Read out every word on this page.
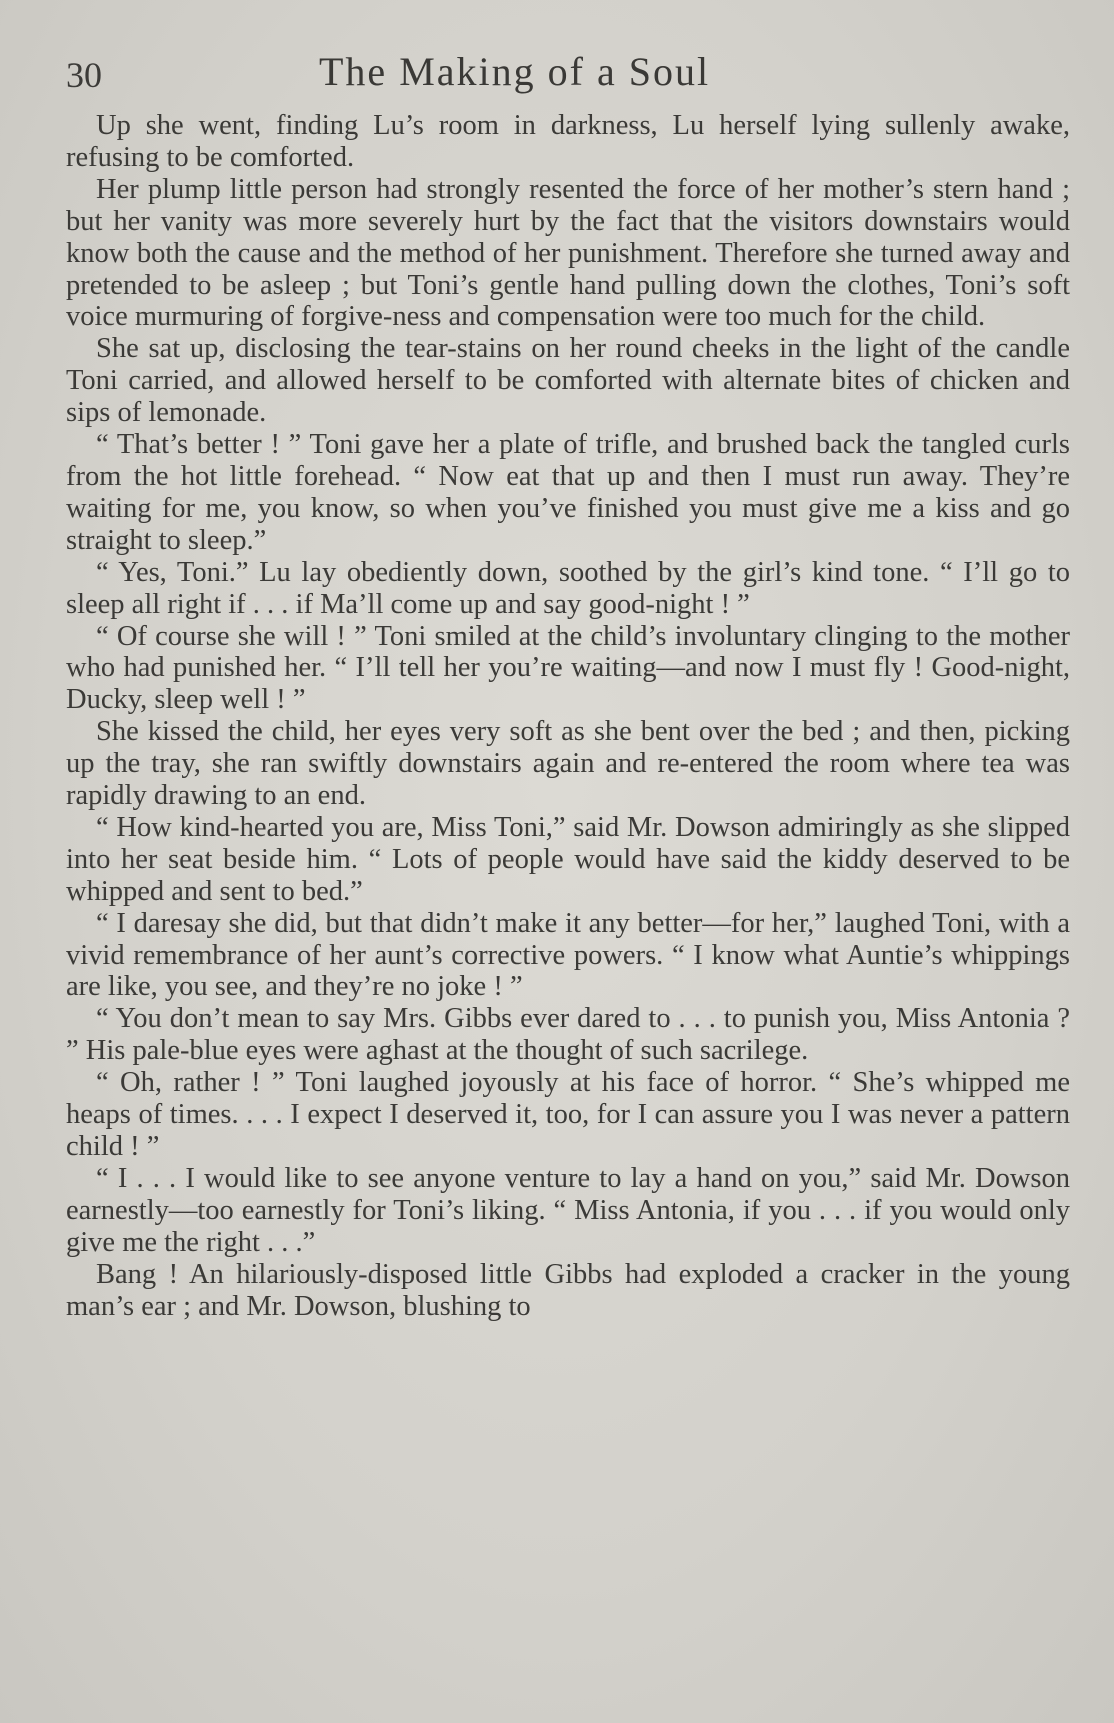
30	The Making of a Soul

Up she went, finding Lu’s room in darkness, Lu herself lying sullenly awake, refusing to be comforted.

Her plump little person had strongly resented the force of her mother’s stern hand ; but her vanity was more severely hurt by the fact that the visitors downstairs would know both the cause and the method of her punishment. Therefore she turned away and pretended to be asleep ; but Toni’s gentle hand pulling down the clothes, Toni’s soft voice murmuring of forgive-ness and compensation were too much for the child.

She sat up, disclosing the tear-stains on her round cheeks in the light of the candle Toni carried, and allowed herself to be comforted with alternate bites of chicken and sips of lemonade.

“ That’s better ! ” Toni gave her a plate of trifle, and brushed back the tangled curls from the hot little forehead. “ Now eat that up and then I must run away. They’re waiting for me, you know, so when you’ve finished you must give me a kiss and go straight to sleep.”

“ Yes, Toni.” Lu lay obediently down, soothed by the girl’s kind tone. “ I’ll go to sleep all right if . . . if Ma’ll come up and say good-night ! ”

“ Of course she will ! ” Toni smiled at the child’s involuntary clinging to the mother who had punished her. “ I’ll tell her you’re waiting—and now I must fly ! Good-night, Ducky, sleep well ! ”

She kissed the child, her eyes very soft as she bent over the bed ; and then, picking up the tray, she ran swiftly downstairs again and re-entered the room where tea was rapidly drawing to an end.

“ How kind-hearted you are, Miss Toni,” said Mr. Dowson admiringly as she slipped into her seat beside him. “ Lots of people would have said the kiddy deserved to be whipped and sent to bed.”

“ I daresay she did, but that didn’t make it any better—for her,” laughed Toni, with a vivid remembrance of her aunt’s corrective powers. “ I know what Auntie’s whippings are like, you see, and they’re no joke ! ”

“ You don’t mean to say Mrs. Gibbs ever dared to . . . to punish you, Miss Antonia ? ” His pale-blue eyes were aghast at the thought of such sacrilege.

“ Oh, rather ! ” Toni laughed joyously at his face of horror. “ She’s whipped me heaps of times. . . . I expect I deserved it, too, for I can assure you I was never a pattern child ! ”

“ I . . . I would like to see anyone venture to lay a hand on you,” said Mr. Dowson earnestly—too earnestly for Toni’s liking. “ Miss Antonia, if you . . . if you would only give me the right . . .”

Bang ! An hilariously-disposed little Gibbs had exploded a cracker in the young man’s ear ; and Mr. Dowson, blushing to
